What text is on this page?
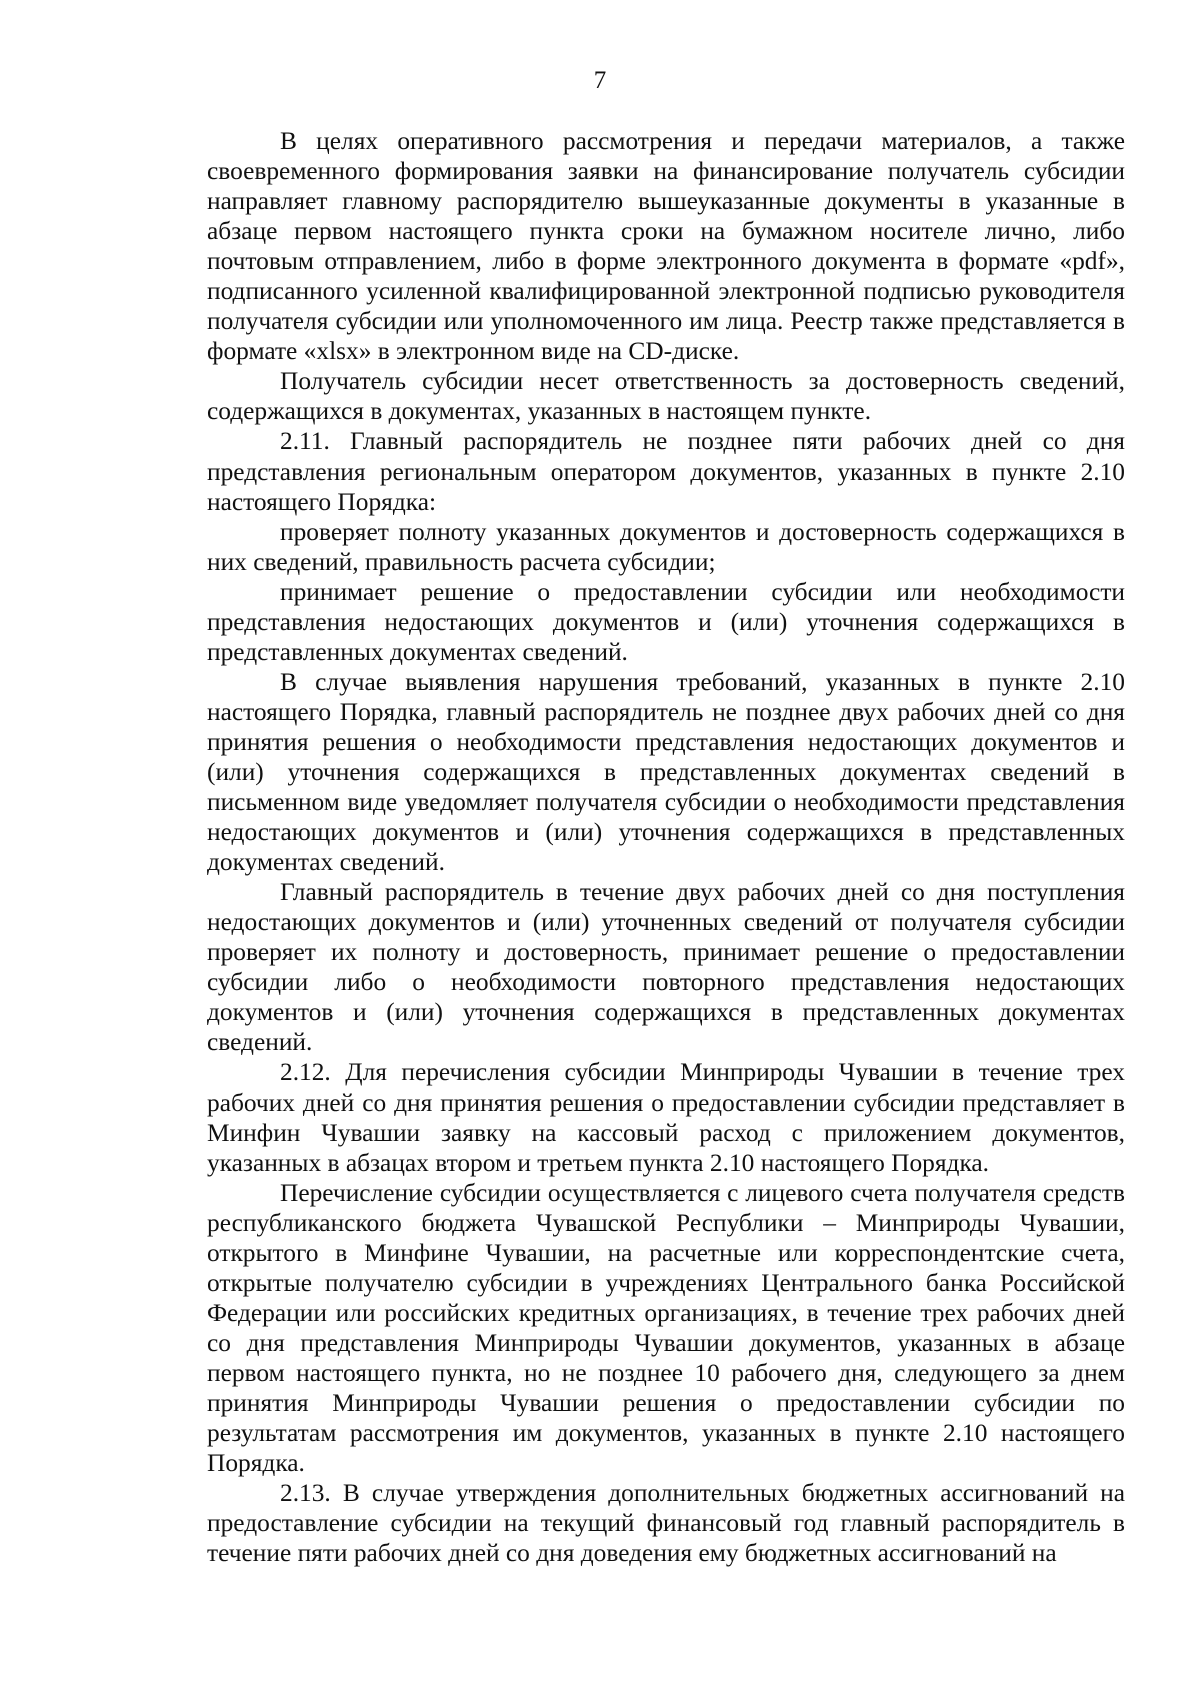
7

В целях оперативного рассмотрения и передачи материалов, а также своевременного формирования заявки на финансирование получатель субсидии направляет главному распорядителю вышеуказанные документы в указанные в абзаце первом настоящего пункта сроки на бумажном носителе лично, либо почтовым отправлением, либо в форме электронного документа в формате «pdf», подписанного усиленной квалифицированной электронной подписью руководителя получателя субсидии или уполномоченного им лица. Реестр также представляется в формате «xlsx» в электронном виде на CD-диске.

Получатель субсидии несет ответственность за достоверность сведений, содержащихся в документах, указанных в настоящем пункте.

2.11. Главный распорядитель не позднее пяти рабочих дней со дня представления региональным оператором документов, указанных в пункте 2.10 настоящего Порядка:

проверяет полноту указанных документов и достоверность содержащихся в них сведений, правильность расчета субсидии;

принимает решение о предоставлении субсидии или необходимости представления недостающих документов и (или) уточнения содержащихся в представленных документах сведений.

В случае выявления нарушения требований, указанных в пункте 2.10 настоящего Порядка, главный распорядитель не позднее двух рабочих дней со дня принятия решения о необходимости представления недостающих документов и (или) уточнения содержащихся в представленных документах сведений в письменном виде уведомляет получателя субсидии о необходимости представления недостающих документов и (или) уточнения содержащихся в представленных документах сведений.

Главный распорядитель в течение двух рабочих дней со дня поступления недостающих документов и (или) уточненных сведений от получателя субсидии проверяет их полноту и достоверность, принимает решение о предоставлении субсидии либо о необходимости повторного представления недостающих документов и (или) уточнения содержащихся в представленных документах сведений.

2.12. Для перечисления субсидии Минприроды Чувашии в течение трех рабочих дней со дня принятия решения о предоставлении субсидии представляет в Минфин Чувашии заявку на кассовый расход с приложением документов, указанных в абзацах втором и третьем пункта 2.10 настоящего Порядка.

Перечисление субсидии осуществляется с лицевого счета получателя средств республиканского бюджета Чувашской Республики – Минприроды Чувашии, открытого в Минфине Чувашии, на расчетные или корреспондентские счета, открытые получателю субсидии в учреждениях Центрального банка Российской Федерации или российских кредитных организациях, в течение трех рабочих дней со дня представления Минприроды Чувашии документов, указанных в абзаце первом настоящего пункта, но не позднее 10 рабочего дня, следующего за днем принятия Минприроды Чувашии решения о предоставлении субсидии по результатам рассмотрения им документов, указанных в пункте 2.10 настоящего Порядка.

2.13. В случае утверждения дополнительных бюджетных ассигнований на предоставление субсидии на текущий финансовый год главный распорядитель в течение пяти рабочих дней со дня доведения ему бюджетных ассигнований на
